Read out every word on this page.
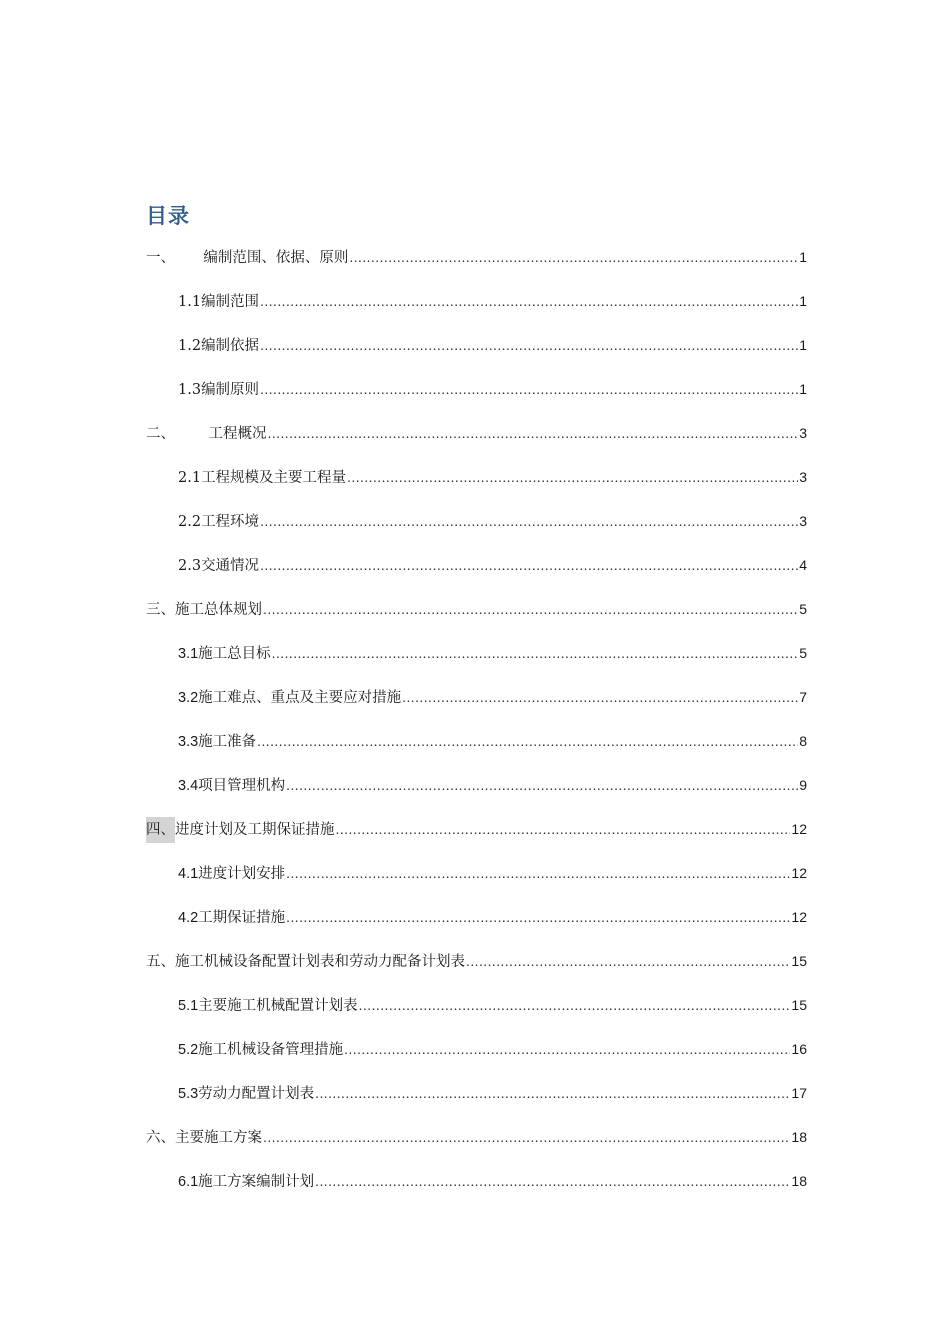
目录
一、 编制范围、依据、原则 .....	1
1.1 编制范围 .....	1
1.2 编制依据 .....	1
1.3 编制原则 .....	1
二、 工程概况 .....	3
2.1 工程规模及主要工程量 .....	3
2.2 工程环境 .....	3
2.3 交通情况 .....	4
三、 施工总体规划 .....	5
3.1 施工总目标 .....	5
3.2 施工难点、重点及主要应对措施 .....	7
3.3 施工准备 .....	8
3.4 项目管理机构 .....	9
四、 进度计划及工期保证措施 .....	12
4.1 进度计划安排 .....	12
4.2 工期保证措施 .....	12
五、 施工机械设备配置计划表和劳动力配备计划表 .....	15
5.1 主要施工机械配置计划表 .....	15
5.2 施工机械设备管理措施 .....	16
5.3 劳动力配置计划表 .....	17
六、 主要施工方案 .....	18
6.1 施工方案编制计划 .....	18
